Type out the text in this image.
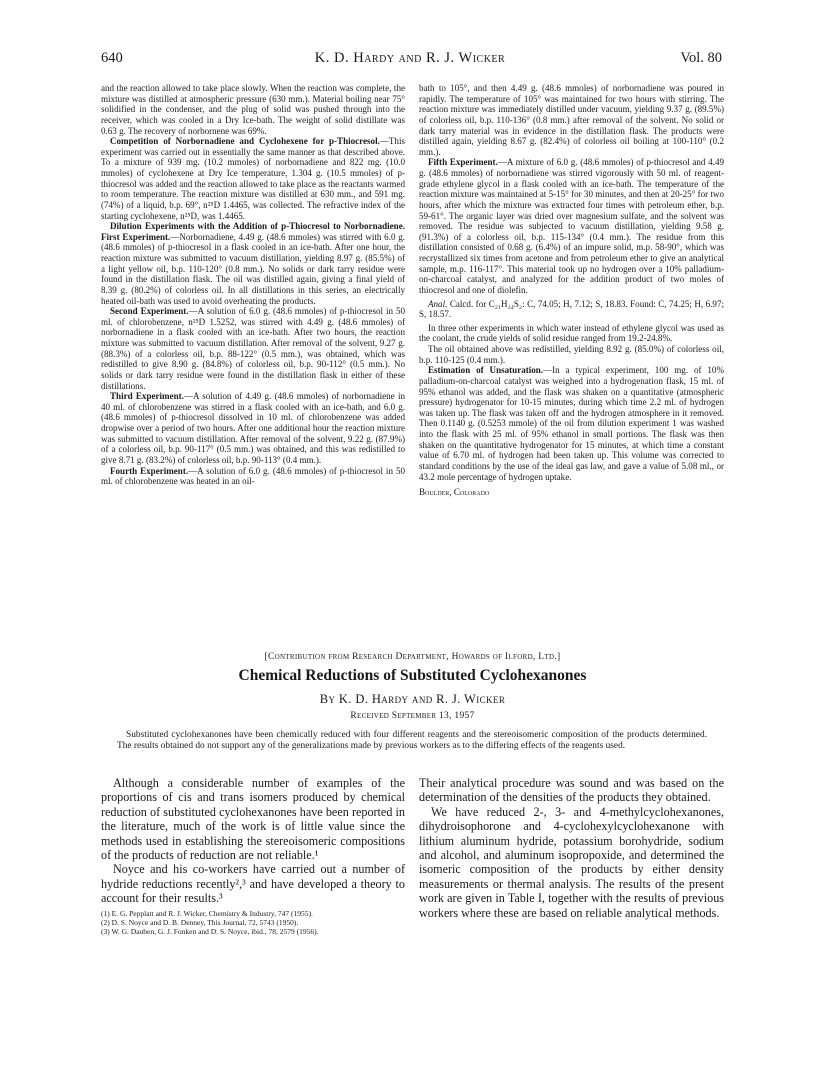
640	K. D. Hardy and R. J. Wicker	Vol. 80

and the reaction allowed to take place slowly. When the reaction was complete, the mixture was distilled at atmospheric pressure (630 mm.). Material boiling near 75° solidified in the condenser, and the plug of solid was pushed through into the receiver, which was cooled in a Dry Ice-bath. The weight of solid distillate was 0.63 g. The recovery of norbornene was 69%.

Competition of Norbornadiene and Cyclohexene for p-Thiocresol.—This experiment was carried out in essentially the same manner as that described above. To a mixture of 939 mg. (10.2 mmoles) of norbornadiene and 822 mg. (10.0 mmoles) of cyclohexene at Dry Ice temperature, 1.304 g. (10.5 mmoles) of p-thiocresol was added and the reaction allowed to take place as the reactants warmed to room temperature. The reaction mixture was distilled at 630 mm., and 591 mg. (74%) of a liquid, b.p. 69°, n²⁵D 1.4465, was collected. The refractive index of the starting cyclohexene, n²⁵D, was 1.4465.

Dilution Experiments with the Addition of p-Thiocresol to Norbornadiene. First Experiment.—Norbornadiene, 4.49 g. (48.6 mmoles) was stirred with 6.0 g. (48.6 mmoles) of p-thiocresol in a flask cooled in an ice-bath. After one hour, the reaction mixture was submitted to vacuum distillation, yielding 8.97 g. (85.5%) of a light yellow oil, b.p. 110-120° (0.8 mm.). No solids or dark tarry residue were found in the distillation flask. The oil was distilled again, giving a final yield of 8.39 g. (80.2%) of colorless oil. In all distillations in this series, an electrically heated oil-bath was used to avoid overheating the products.

Second Experiment.—A solution of 6.0 g. (48.6 mmoles) of p-thiocresol in 50 ml. of chlorobenzene, n²⁵D 1.5252, was stirred with 4.49 g. (48.6 mmoles) of norbornadiene in a flask cooled with an ice-bath. After two hours, the reaction mixture was submitted to vacuum distillation. After removal of the solvent, 9.27 g. (88.3%) of a colorless oil, b.p. 88-122° (0.5 mm.), was obtained, which was redistilled to give 8.90 g. (84.8%) of colorless oil, b.p. 90-112° (0.5 mm.). No solids or dark tarry residue were found in the distillation flask in either of these distillations.

Third Experiment.—A solution of 4.49 g. (48.6 mmoles) of norbornadiene in 40 ml. of chlorobenzene was stirred in a flask cooled with an ice-bath, and 6.0 g. (48.6 mmoles) of p-thiocresol dissolved in 10 ml. of chlorobenzene was added dropwise over a period of two hours. After one additional hour the reaction mixture was submitted to vacuum distillation. After removal of the solvent, 9.22 g. (87.9%) of a colorless oil, b.p. 90-117° (0.5 mm.) was obtained, and this was redistilled to give 8.71 g. (83.2%) of colorless oil, b.p. 90-113° (0.4 mm.).

Fourth Experiment.—A solution of 6.0 g. (48.6 mmoles) of p-thiocresol in 50 ml. of chlorobenzene was heated in an oil-

bath to 105°, and then 4.49 g. (48.6 mmoles) of norbornadiene was poured in rapidly. The temperature of 105° was maintained for two hours with stirring. The reaction mixture was immediately distilled under vacuum, yielding 9.37 g. (89.5%) of colorless oil, b.p. 110-136° (0.8 mm.) after removal of the solvent. No solid or dark tarry material was in evidence in the distillation flask. The products were distilled again, yielding 8.67 g. (82.4%) of colorless oil boiling at 100-110° (0.2 mm.).

Fifth Experiment.—A mixture of 6.0 g. (48.6 mmoles) of p-thiocresol and 4.49 g. (48.6 mmoles) of norbornadiene was stirred vigorously with 50 ml. of reagent-grade ethylene glycol in a flask cooled with an ice-bath. The temperature of the reaction mixture was maintained at 5-15° for 30 minutes, and then at 20-25° for two hours, after which the mixture was extracted four times with petroleum ether, b.p. 59-61°. The organic layer was dried over magnesium sulfate, and the solvent was removed. The residue was subjected to vacuum distillation, yielding 9.58 g. (91.3%) of a colorless oil, b.p. 115-134° (0.4 mm.). The residue from this distillation consisted of 0.68 g. (6.4%) of an impure solid, m.p. 58-90°, which was recrystallized six times from acetone and from petroleum ether to give an analytical sample, m.p. 116-117°. This material took up no hydrogen over a 10% palladium-on-charcoal catalyst, and analyzed for the addition product of two moles of thiocresol and one of diolefin.

Anal. Calcd. for C₂₁H₂₄S₂: C, 74.05; H, 7.12; S, 18.83. Found: C, 74.25; H, 6.97; S, 18.57.

In three other experiments in which water instead of ethylene glycol was used as the coolant, the crude yields of solid residue ranged from 19.2-24.8%.

The oil obtained above was redistilled, yielding 8.92 g. (85.0%) of colorless oil, b.p. 110-125 (0.4 mm.).

Estimation of Unsaturation.—In a typical experiment, 100 mg. of 10% palladium-on-charcoal catalyst was weighed into a hydrogenation flask, 15 ml. of 95% ethanol was added, and the flask was shaken on a quantitative (atmospheric pressure) hydrogenator for 10-15 minutes, during which time 2.2 ml. of hydrogen was taken up. The flask was taken off and the hydrogen atmosphere in it removed. Then 0.1140 g. (0.5253 mmole) of the oil from dilution experiment 1 was washed into the flask with 25 ml. of 95% ethanol in small portions. The flask was then shaken on the quantitative hydrogenator for 15 minutes, at which time a constant value of 6.70 ml. of hydrogen had been taken up. This volume was corrected to standard conditions by the use of the ideal gas law, and gave a value of 5.08 ml., or 43.2 mole percentage of hydrogen uptake.

Boulder, Colorado
[Contribution from Research Department, Howards of Ilford, Ltd.]
Chemical Reductions of Substituted Cyclohexanones
By K. D. Hardy and R. J. Wicker
Received September 13, 1957

Substituted cyclohexanones have been chemically reduced with four different reagents and the stereoisomeric composition of the products determined. The results obtained do not support any of the generalizations made by previous workers as to the differing effects of the reagents used.

Although a considerable number of examples of the proportions of cis and trans isomers produced by chemical reduction of substituted cyclohexanones have been reported in the literature, much of the work is of little value since the methods used in establishing the stereoisomeric compositions of the products of reduction are not reliable.¹

Noyce and his co-workers have carried out a number of hydride reductions recently²,³ and have developed a theory to account for their results.³

(1) E. G. Pepplatt and R. J. Wicker, Chemistry & Industry, 747 (1955).
(2) D. S. Noyce and D. B. Denney, This Journal, 72, 5743 (1950).
(3) W. G. Dauben, G. J. Fonken and D. S. Noyce, ibid., 78, 2579 (1956).

Their analytical procedure was sound and was based on the determination of the densities of the products they obtained.

We have reduced 2-, 3- and 4-methylcyclohexanones, dihydroisophorone and 4-cyclohexylcyclohexanone with lithium aluminum hydride, potassium borohydride, sodium and alcohol, and aluminum isopropoxide, and determined the isomeric composition of the products by either density measurements or thermal analysis. The results of the present work are given in Table I, together with the results of previous workers where these are based on reliable analytical methods.
